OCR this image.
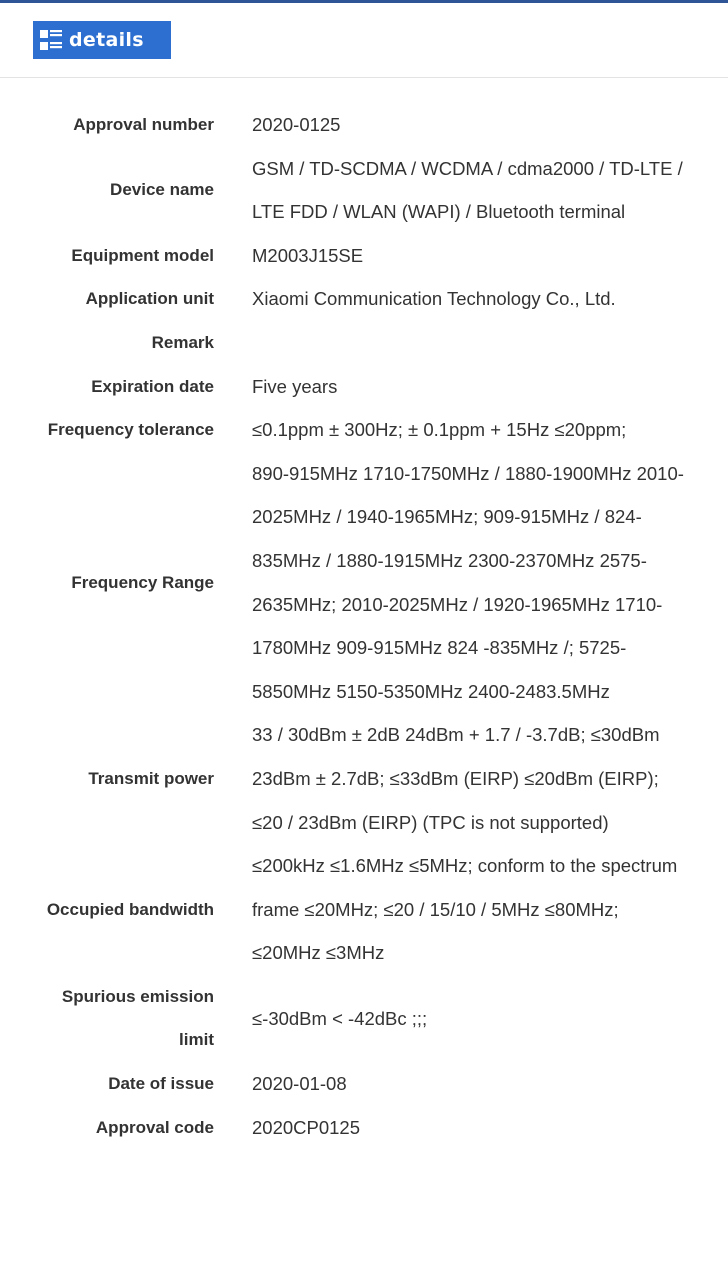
details
Approval number 2020-0125
Device name
GSM / TD-SCDMA / WCDMA / cdma2000 / TD-LTE / LTE FDD / WLAN (WAPI) / Bluetooth terminal
Equipment model M2003J15SE
Application unit Xiaomi Communication Technology Co., Ltd.
Remark
Expiration date Five years
Frequency tolerance ≤0.1ppm ± 300Hz; ± 0.1ppm + 15Hz ≤20ppm;
Frequency Range
890-915MHz 1710-1750MHz / 1880-1900MHz 2010-2025MHz / 1940-1965MHz; 909-915MHz / 824-835MHz / 1880-1915MHz 2300-2370MHz 2575-2635MHz; 2010-2025MHz / 1920-1965MHz 1710-1780MHz 909-915MHz 824 -835MHz /; 5725-5850MHz 5150-5350MHz 2400-2483.5MHz
Transmit power
33 / 30dBm ± 2dB 24dBm + 1.7 / -3.7dB; ≤30dBm 23dBm ± 2.7dB; ≤33dBm (EIRP) ≤20dBm (EIRP); ≤20 / 23dBm (EIRP) (TPC is not supported)
Occupied bandwidth
≤200kHz ≤1.6MHz ≤5MHz; conform to the spectrum frame ≤20MHz; ≤20 / 15/10 / 5MHz ≤80MHz; ≤20MHz ≤3MHz
Spurious emission limit
≤-30dBm < -42dBc ;;;
Date of issue 2020-01-08
Approval code 2020CP0125
